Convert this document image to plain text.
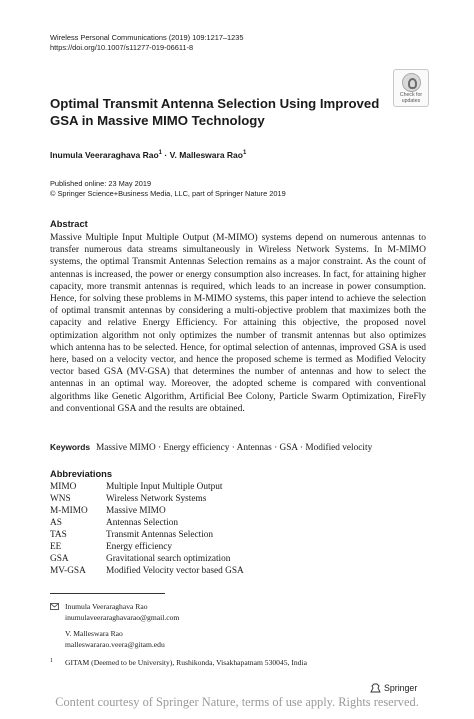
Wireless Personal Communications (2019) 109:1217–1235
https://doi.org/10.1007/s11277-019-06611-8
Check for
updates
Optimal Transmit Antenna Selection Using Improved GSA in Massive MIMO Technology
Inumula Veeraraghava Rao$^1$ · V. Malleswara Rao$^1$
Published online: 23 May 2019
© Springer Science+Business Media, LLC, part of Springer Nature 2019
Abstract
Massive Multiple Input Multiple Output (M-MIMO) systems depend on numerous antennas to transfer numerous data streams simultaneously in Wireless Network Systems. In M-MIMO systems, the optimal Transmit Antennas Selection remains as a major constraint. As the count of antennas is increased, the power or energy consumption also increases. In fact, for attaining higher capacity, more transmit antennas is required, which leads to an increase in power consumption. Hence, for solving these problems in M-MIMO systems, this paper intend to achieve the selection of optimal transmit antennas by considering a multi-objective problem that maximizes both the capacity and relative Energy Efficiency. For attaining this objective, the proposed novel optimization algorithm not only optimizes the number of transmit antennas but also optimizes which antenna has to be selected. Hence, for optimal selection of antennas, improved GSA is used here, based on a velocity vector, and hence the proposed scheme is termed as Modified Velocity vector based GSA (MV-GSA) that determines the number of antennas and how to select the antennas in an optimal way. Moreover, the adopted scheme is compared with conventional algorithms like Genetic Algorithm, Artificial Bee Colony, Particle Swarm Optimization, FireFly and conventional GSA and the results are obtained.
Keywords Massive MIMO · Energy efficiency · Antennas · GSA · Modified velocity
Abbreviations
MIMO	Multiple Input Multiple Output
WNS	Wireless Network Systems
M-MIMO	Massive MIMO
AS	Antennas Selection
TAS	Transmit Antennas Selection
EE	Energy efficiency
GSA	Gravitational search optimization
MV-GSA	Modified Velocity vector based GSA
Inumula Veeraraghava Rao
inumulaveeraraghavarao@gmail.com
V. Malleswara Rao
malleswararao.veera@gitam.edu
1 GITAM (Deemed to be University), Rushikonda, Visakhapatnam 530045, India
Springer
Content courtesy of Springer Nature, terms of use apply. Rights reserved.
